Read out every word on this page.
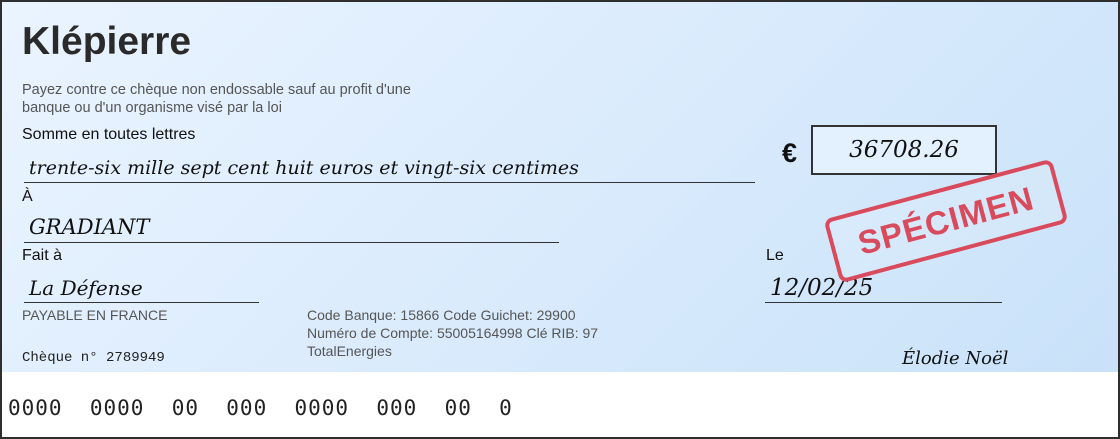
Klépierre
Payez contre ce chèque non endossable sauf au profit d'une
banque ou d'un organisme visé par la loi
Somme en toutes lettres
trente-six mille sept cent huit euros et vingt-six centimes	€ 36708.26
À
GRADIANT
Fait à
La Défense
Le
12/02/25
SPÉCIMEN
PAYABLE EN FRANCE	Code Banque: 15866 Code Guichet: 29900
Numéro de Compte: 55005164998 Clé RIB: 97
TotalEnergies
Chèque n° 2789949	Élodie Noël
0000  0000  00  000  0000  000  00  0
